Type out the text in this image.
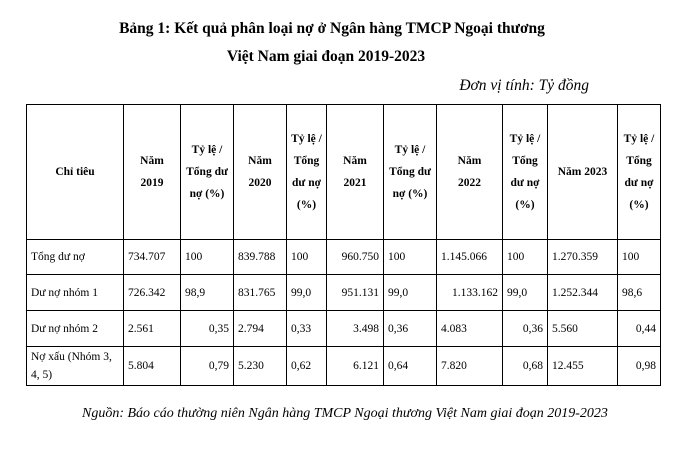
Bảng 1: Kết quả phân loại nợ ở Ngân hàng TMCP Ngoại thương
Việt Nam giai đoạn 2019-2023
Đơn vị tính: Tỷ đồng
Chỉ tiêu	Năm 2019	Tỷ lệ / Tổng dư nợ (%)	Năm 2020	Tỷ lệ / Tổng dư nợ (%)	Năm 2021	Tỷ lệ / Tổng dư nợ (%)	Năm 2022	Tỷ lệ / Tổng dư nợ (%)	Năm 2023	Tỷ lệ / Tổng dư nợ (%)
Tổng dư nợ	734.707	100	839.788	100	960.750	100	1.145.066	100	1.270.359	100
Dư nợ nhóm 1	726.342	98,9	831.765	99,0	951.131	99,0	1.133.162	99,0	1.252.344	98,6
Dư nợ nhóm 2	2.561	0,35	2.794	0,33	3.498	0,36	4.083	0,36	5.560	0,44
Nợ xấu (Nhóm 3, 4, 5)	5.804	0,79	5.230	0,62	6.121	0,64	7.820	0,68	12.455	0,98
Nguồn: Báo cáo thường niên Ngân hàng TMCP Ngoại thương Việt Nam giai đoạn 2019-2023
